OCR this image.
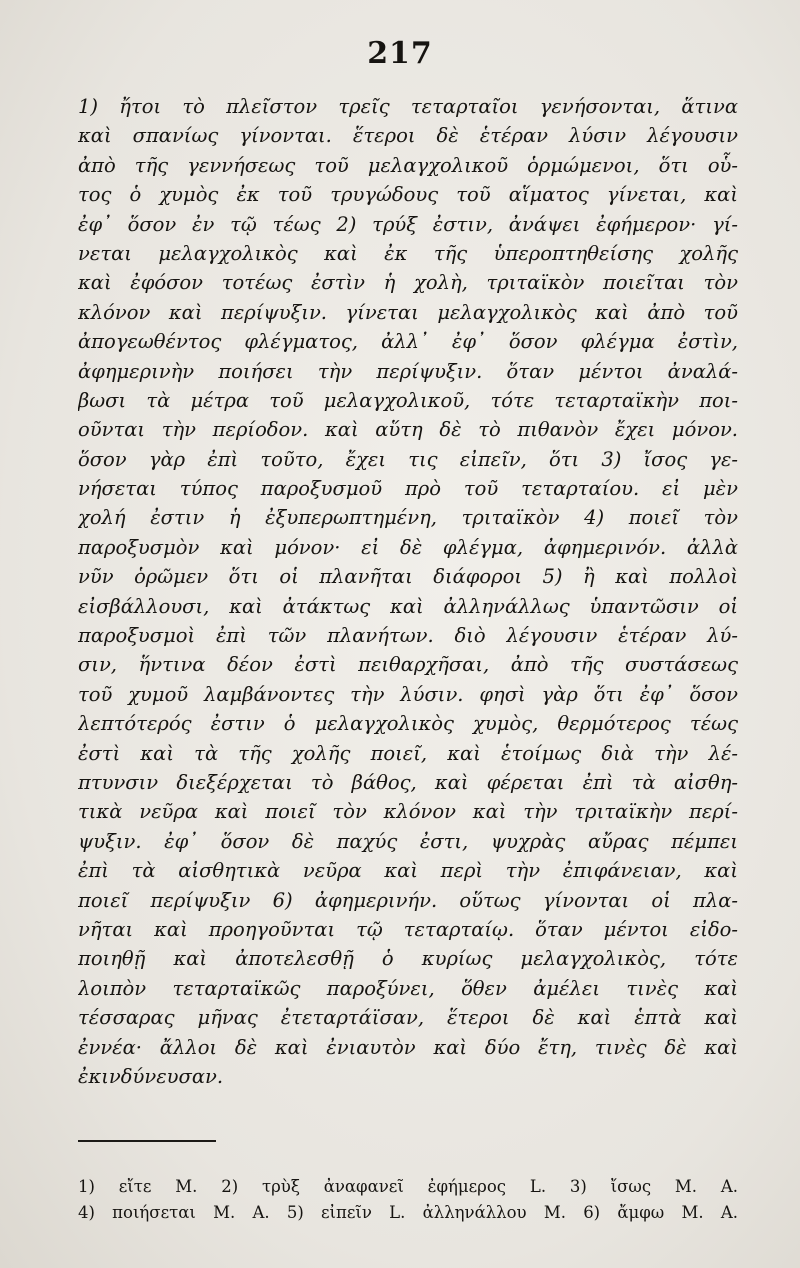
217
1) ἤτοι τὸ πλεῖστον τρεῖς τεταρταῖοι γενήσονται, ἅτινα
καὶ σπανίως γίνονται. ἕτεροι δὲ ἑτέραν λύσιν λέγουσιν
ἀπὸ τῆς γεννήσεως τοῦ μελαγχολικοῦ ὁρμώμενοι, ὅτι οὗ-
τος ὁ χυμὸς ἐκ τοῦ τρυγώδους τοῦ αἵματος γίνεται, καὶ
ἐφ᾽ ὅσον ἐν τῷ τέως 2) τρύξ ἐστιν, ἀνάψει ἐφήμερον· γί-
νεται μελαγχολικὸς καὶ ἐκ τῆς ὑπεροπτηθείσης χολῆς
καὶ ἐφόσον τοτέως ἐστὶν ἡ χολὴ, τριταϊκὸν ποιεῖται τὸν
κλόνον καὶ περίψυξιν. γίνεται μελαγχολικὸς καὶ ἀπὸ τοῦ
ἀπογεωθέντος φλέγματος, ἀλλ᾽ ἐφ᾽ ὅσον φλέγμα ἐστὶν,
ἀφημερινὴν ποιήσει τὴν περίψυξιν. ὅταν μέντοι ἀναλά-
βωσι τὰ μέτρα τοῦ μελαγχολικοῦ, τότε τεταρταϊκὴν ποι-
οῦνται τὴν περίοδον. καὶ αὕτη δὲ τὸ πιθανὸν ἔχει μόνον.
ὅσον γὰρ ἐπὶ τοῦτο, ἔχει τις εἰπεῖν, ὅτι 3) ἴσος γε-
νήσεται τύπος παροξυσμοῦ πρὸ τοῦ τεταρταίου. εἰ μὲν
χολή ἐστιν ἡ ἐξυπερωπτημένη, τριταϊκὸν 4) ποιεῖ τὸν
παροξυσμὸν καὶ μόνον· εἰ δὲ φλέγμα, ἀφημερινόν. ἀλλὰ
νῦν ὁρῶμεν ὅτι οἱ πλανῆται διάφοροι 5) ἢ καὶ πολλοὶ
εἰσβάλλουσι, καὶ ἀτάκτως καὶ ἀλληνάλλως ὑπαντῶσιν οἱ
παροξυσμοὶ ἐπὶ τῶν πλανήτων. διὸ λέγουσιν ἑτέραν λύ-
σιν, ἥντινα δέον ἐστὶ πειθαρχῆσαι, ἀπὸ τῆς συστάσεως
τοῦ χυμοῦ λαμβάνοντες τὴν λύσιν. φησὶ γὰρ ὅτι ἐφ᾽ ὅσον
λεπτότερός ἐστιν ὁ μελαγχολικὸς χυμὸς, θερμότερος τέως
ἐστὶ καὶ τὰ τῆς χολῆς ποιεῖ, καὶ ἑτοίμως διὰ τὴν λέ-
πτυνσιν διεξέρχεται τὸ βάθος, καὶ φέρεται ἐπὶ τὰ αἰσθη-
τικὰ νεῦρα καὶ ποιεῖ τὸν κλόνον καὶ τὴν τριταϊκὴν περί-
ψυξιν. ἐφ᾽ ὅσον δὲ παχύς ἐστι, ψυχρὰς αὔρας πέμπει
ἐπὶ τὰ αἰσθητικὰ νεῦρα καὶ περὶ τὴν ἐπιφάνειαν, καὶ
ποιεῖ περίψυξιν 6) ἀφημερινήν. οὕτως γίνονται οἱ πλα-
νῆται καὶ προηγοῦνται τῷ τεταρταίῳ. ὅταν μέντοι εἰδο-
ποιηθῇ καὶ ἀποτελεσθῇ ὁ κυρίως μελαγχολικὸς, τότε
λοιπὸν τεταρταϊκῶς παροξύνει, ὅθεν ἀμέλει τινὲς καὶ
τέσσαρας μῆνας ἐτεταρτάϊσαν, ἕτεροι δὲ καὶ ἑπτὰ καὶ
ἐννέα· ἄλλοι δὲ καὶ ἐνιαυτὸν καὶ δύο ἔτη, τινὲς δὲ καὶ
ἐκινδύνευσαν.
1) εἴτε M. 2) τρὺξ ἀναφανεῖ ἐφήμερος L. 3) ἴσως M. A.
4) ποιήσεται M. A. 5) εἰπεῖν L. ἀλληνάλλου M. 6) ἄμφω M. A.
